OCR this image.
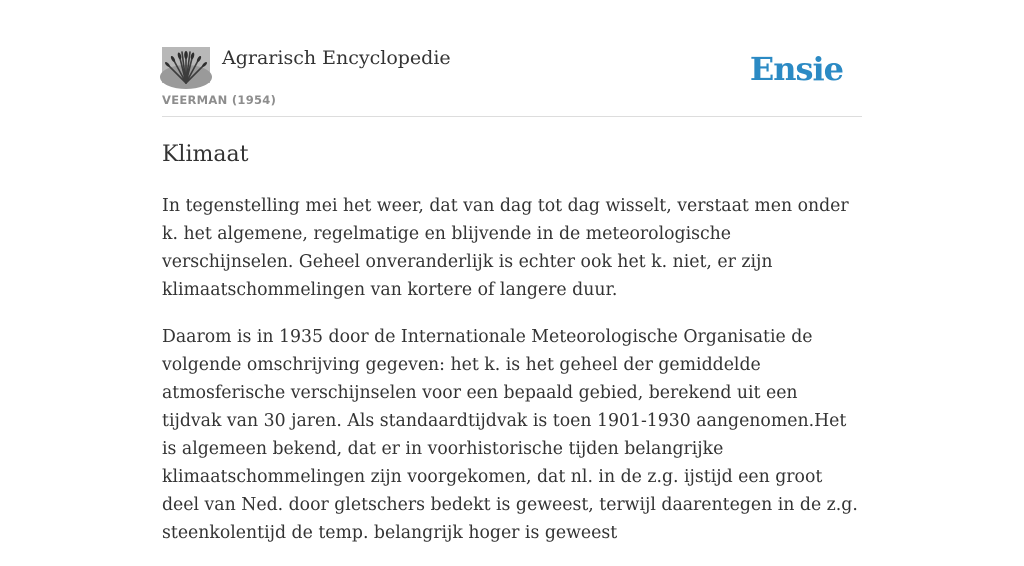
Agrarisch Encyclopedie
VEERMAN (1954)
Ensie
Klimaat

In tegenstelling mei het weer, dat van dag tot dag wisselt, verstaat men onder k. het algemene, regelmatige en blijvende in de meteorologische verschijnselen. Geheel onveranderlijk is echter ook het k. niet, er zijn klimaatschommelingen van kortere of langere duur.

Daarom is in 1935 door de Internationale Meteorologische Organisatie de volgende omschrijving gegeven: het k. is het geheel der gemiddelde atmosferische verschijnselen voor een bepaald gebied, berekend uit een tijdvak van 30 jaren. Als standaardtijdvak is toen 1901-1930 aangenomen.Het is algemeen bekend, dat er in voorhistorische tijden belangrijke klimaatschommelingen zijn voorgekomen, dat nl. in de z.g. ijstijd een groot deel van Ned. door gletschers bedekt is geweest, terwijl daarentegen in de z.g. steenkolentijd de temp. belangrijk hoger is geweest
